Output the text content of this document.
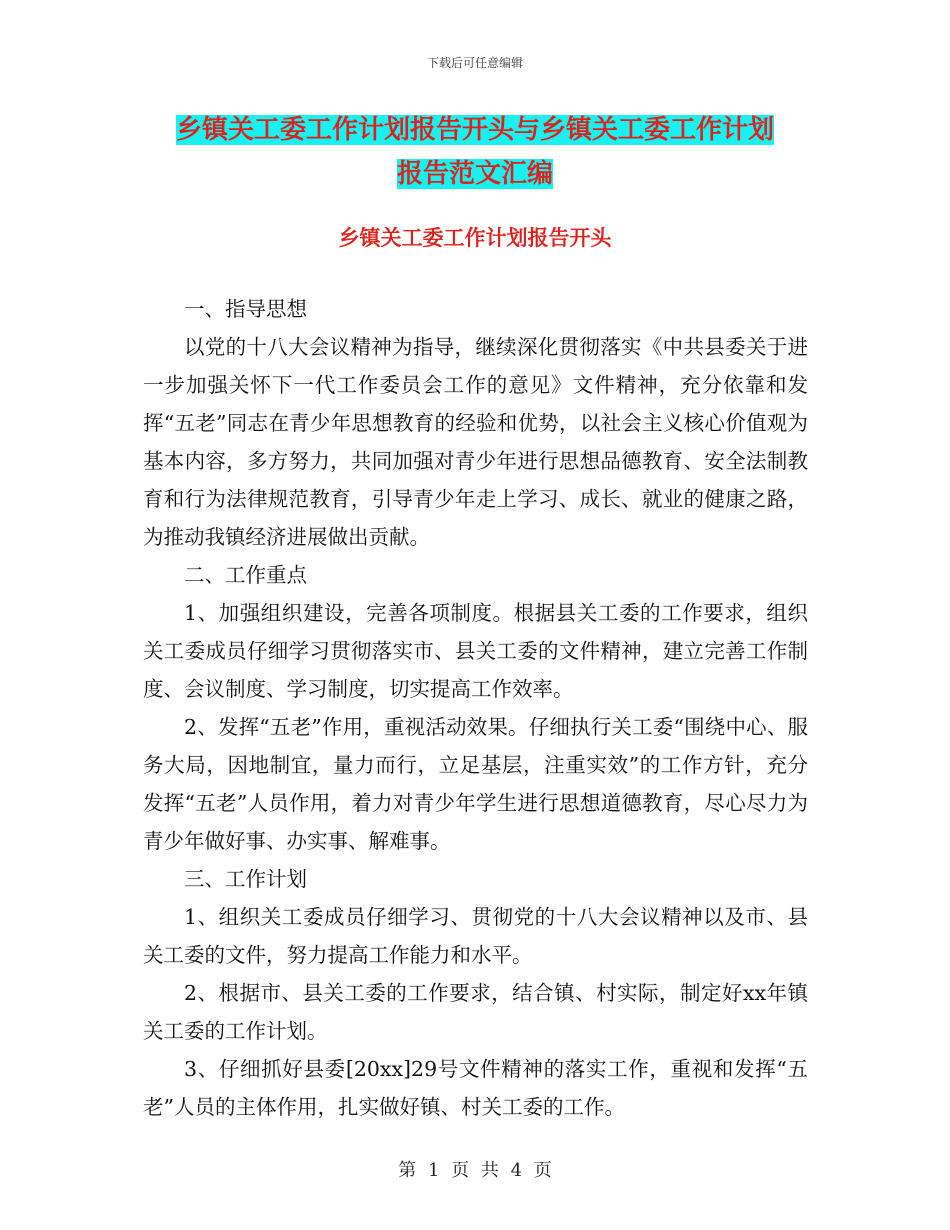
下载后可任意编辑
乡镇关工委工作计划报告开头与乡镇关工委工作计划
报告范文汇编
乡镇关工委工作计划报告开头

一、指导思想

以党的十八大会议精神为指导，继续深化贯彻落实《中共县委关于进一步加强关怀下一代工作委员会工作的意见》文件精神，充分依靠和发挥“五老”同志在青少年思想教育的经验和优势，以社会主义核心价值观为基本内容，多方努力，共同加强对青少年进行思想品德教育、安全法制教育和行为法律规范教育，引导青少年走上学习、成长、就业的健康之路，为推动我镇经济进展做出贡献。

二、工作重点

1、加强组织建设，完善各项制度。根据县关工委的工作要求，组织关工委成员仔细学习贯彻落实市、县关工委的文件精神，建立完善工作制度、会议制度、学习制度，切实提高工作效率。

2、发挥“五老”作用，重视活动效果。仔细执行关工委“围绕中心、服务大局，因地制宜，量力而行，立足基层，注重实效”的工作方针，充分发挥“五老”人员作用，着力对青少年学生进行思想道德教育，尽心尽力为青少年做好事、办实事、解难事。

三、工作计划

1、组织关工委成员仔细学习、贯彻党的十八大会议精神以及市、县关工委的文件，努力提高工作能力和水平。

2、根据市、县关工委的工作要求，结合镇、村实际，制定好xx年镇关工委的工作计划。

3、仔细抓好县委[20xx]29号文件精神的落实工作，重视和发挥“五老”人员的主体作用，扎实做好镇、村关工委的工作。

第 1 页 共 4 页
